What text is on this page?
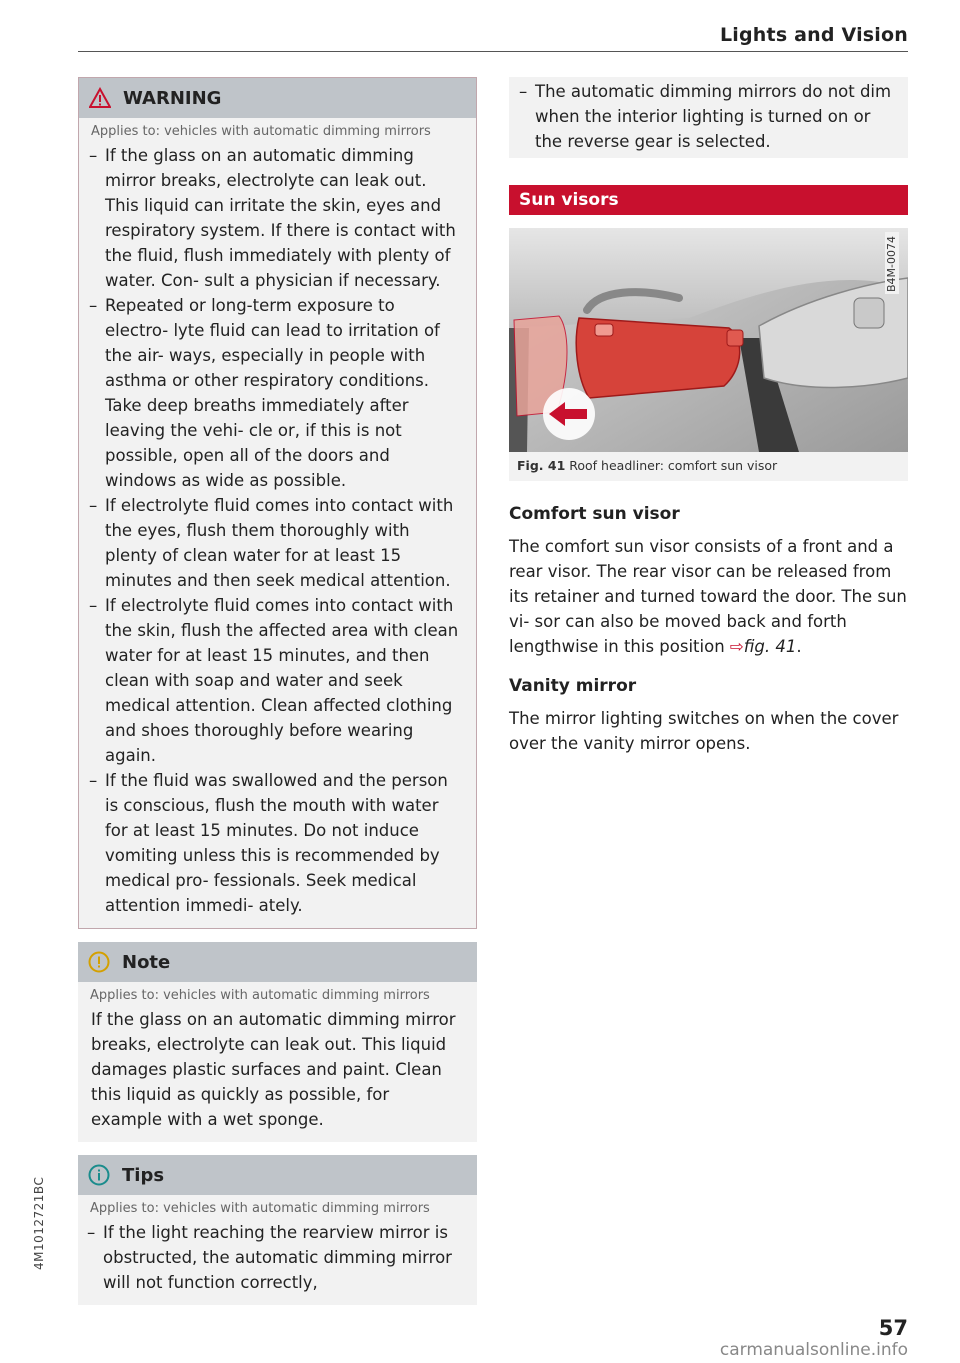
Lights and Vision
WARNING
Applies to: vehicles with automatic dimming mirrors
– If the glass on an automatic dimming mirror breaks, electrolyte can leak out. This liquid can irritate the skin, eyes and respiratory system. If there is contact with the fluid, flush immediately with plenty of water. Con- sult a physician if necessary.
– Repeated or long-term exposure to electro- lyte fluid can lead to irritation of the air- ways, especially in people with asthma or other respiratory conditions. Take deep breaths immediately after leaving the vehi- cle or, if this is not possible, open all of the doors and windows as wide as possible.
– If electrolyte fluid comes into contact with the eyes, flush them thoroughly with plenty of clean water for at least 15 minutes and then seek medical attention.
– If electrolyte fluid comes into contact with the skin, flush the affected area with clean water for at least 15 minutes, and then clean with soap and water and seek medical attention. Clean affected clothing and shoes thoroughly before wearing again.
– If the fluid was swallowed and the person is conscious, flush the mouth with water for at least 15 minutes. Do not induce vomiting unless this is recommended by medical pro- fessionals. Seek medical attention immedi- ately.
Note
Applies to: vehicles with automatic dimming mirrors
If the glass on an automatic dimming mirror breaks, electrolyte can leak out. This liquid damages plastic surfaces and paint. Clean this liquid as quickly as possible, for example with a wet sponge.
Tips
Applies to: vehicles with automatic dimming mirrors
– If the light reaching the rearview mirror is obstructed, the automatic dimming mirror will not function correctly,
– The automatic dimming mirrors do not dim when the interior lighting is turned on or the reverse gear is selected.
Sun visors
B4M-0074
Fig. 41 Roof headliner: comfort sun visor
Comfort sun visor

The comfort sun visor consists of a front and a rear visor. The rear visor can be released from its retainer and turned toward the door. The sun vi- sor can also be moved back and forth lengthwise in this position ⇨fig. 41.

Vanity mirror

The mirror lighting switches on when the cover over the vanity mirror opens.

4M1012721BC
57
carmanualsonline.info
